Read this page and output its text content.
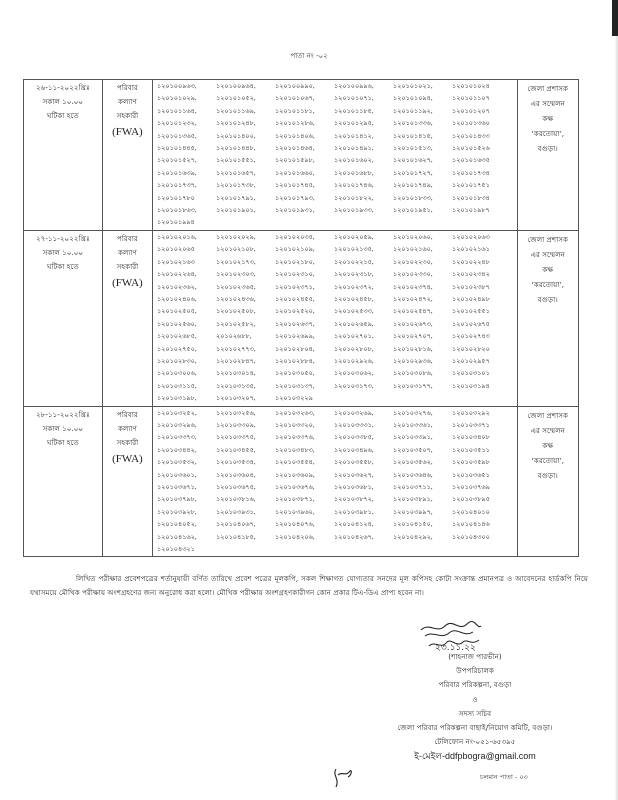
পাতা নং -০২
২৬-১১-২০২২খ্রিঃ
সকাল ১০.০০
ঘটিকা হতে

পরিবার
কল্যাণ
সহকারী
(FWA)

১২০১০০৯৬৩,	১২০১০০৯৬৪,	১২০১০০৯৯০,	১২০১০০৯৯৬,	১২০১০১০২১,	১২০১০১০২৪
১২০১০১০২৯,	১২০১০১০৫২,	১২০১০১০৬৭,	১২০১০১০৭১,	১২০১০১০৯৪,	১২০১০১১০৭
১২০১০১১৬৪,	১২০১০১১৬৯,	১২০১০১১৮১,	১২০১০১১৮৫,	১২০১০১১৯২,	১২০১০১২০৭
১২০১০১২৩২,	১২০১০১২৪৮,	১২০১০১২৮৬,	১২০১০১২৯৫,	১২০১০১৩৩৬,	১২০১০১৩৬০
১২০১০১৩৬৫,	১২০১০১৪০০,	১২০১০১৪০৬,	১২০১০১৪১২,	১২০১০১৪১৫,	১২০১০১৪৩৩
১২০১০১৪৪৫,	১২০১০১৪৪৮,	১২০১০১৪৬৪,	১২০১০১৪৯১,	১২০১০১৫১৩,	১২০১০১৫২৬
১২০১০১৫২৭,	১২০১০১৫৫১,	১২০১০১৫৯৮,	১২০১০১৬০২,	১২০১০১৬২৭,	১২০১০১৬৩৫
১২০১০১৬৩৯,	১২০১০১৬৫৭,	১২০১০১৬৬০,	১২০১০১৬৮৮,	১২০১০১৭২৭,	১২০১০১৭৩৪
১২০১০১৭৩৭,	১২০১০১৭৩৮,	১২০১০১৭৪৫,	১২০১০১৭৪৬,	১২০১০১৭৪৯,	১২০১০১৭৫১
১২০১০১৭৮০	১২০১০১৭৯১,	১২০১০১৭৯৩,	১২০১০১৮২২,	১২০১০১৮৩৩,	১২০১০১৮৩৪
১২০১০১৮৬৩,	১২০১০১৯০১,	১২০১০১৯৩১,	১২০১০১৯৩৩,	১২০১০১৯৫১,	১২০১০১৯৮৭
১২০১০১৯৯৪

জেলা প্রশাসক
এর সম্মেলন
কক্ষ
‘করতোয়া’,
বগুড়া।

২৭-১১-২০২২খ্রিঃ
সকাল ১০.০০
ঘটিকা হতে

পরিবার
কল্যাণ
সহকারী
(FWA)

১২০১০২০১৬,	১২০১০২০২৯,	১২০১০২০৩৫,	১২০১০২০৫৯,	১২০১০২০৬০,	১২০১০২০৬৩
১২০১০২০৬৫	১২০১০২১০৮,	১২০১০২১০৯,	১২০১০২১৩৫,	১২০১০২১৬০,	১২০১০২১৬১
১২০১০২১৬৩	১২০১০২১৭৩,	১২০১০২১৮০,	১২০১০২২১৫,	১২০১০২২৩০,	১২০১০২২৪৮
১২০১০২২৬৪,	১২০১০২৩০৩,	১২০১০২৩১০,	১২০১০২৩১৮,	১২০১০২৩৩০,	১২০১০২৩৪২
১২০১০২৩৬২,	১২০১০২৩৬৫,	১২০১০২৩৭১,	১২০১০২৩৭২,	১২০১০২৩৭৪,	১২০১০২৩৮৭
১২০১০২৪০৬,	১২০১০২৪৩৬,	১২০১০২৪৫৫,	১২০১০২৪৫৮,	১২০১০২৪৭২,	১২০১০২৪৯৮
১২০১০২৫০৫,	১২০১০২৫০৮,	১২০১০২৫২০,	১২০১০২৫৩৩,	১২০১০২৫৪৭,	১২০১০২৫৫১
১২০১০২৫৬০,	১২০১০২৫৮২,	১২০১০২৬৩৭,	১২০১০২৬৫৯,	১২০১০২৬৭৩,	১২০১০২৬৭৫
১২০১০২৬৮৫,	২০১০২৬৮৮,	১২০১০২৬৯৯,	১২০১০২৭০১,	১২০১০২৭০৭,	১২০১০২৭৪৩
১২০১০২৭৫০,	১২০১০২৭৭৩,	১২০১০২৮০৪,	১২০১০২৮০৮,	১২০১০২৮১৬,	১২০১০২৮২০
১২০১০২৮৩০,	১২০১০২৮৪৭,	১২০১০২৮৮৪,	১২০১০২৯২৬,	১২০১০২৯৩৬,	১২০১০২৯৫৭
১২০১০৩০০৬,	১২০১০৩০১৪,	১২০১০৩০৫০,	১২০১০৩০৬২,	১২০১০৩০৮৬,	১২০১০৩১০১
১২০১০৩১১৫,	১২০১০৩১৩৫,	১২০১০৩১৩৭,	১২০১০৩১৭৩,	১২০১০৩১৭৭,	১২০১০৩১৯৪
১২০১০৩১৯৮,	১২০১০৩২০৭,	১২০১০৩২২৯

জেলা প্রশাসক
এর সম্মেলন
কক্ষ
‘করতোয়া’,
বগুড়া।

২৮-১১-২০২২খ্রিঃ
সকাল ১০.০০
ঘটিকা হতে

পরিবার
কল্যাণ
সহকারী
(FWA)

১২০১০৩২৫২,	১২০১০৩২৫৬,	১২০১০৩২৬৩,	১২০১০৩২৬৯,	১২০১০৩২৭৬,	১২০১০৩২৯২
১২০১০৩২৯৬,	১২০১০৩৩০৯,	১২০১০৩৩২০,	১২০১০৩৩৩১,	১২০১০৩৩৬১,	১২০১০৩৩৭১
১২০১০৩৩৭৩,	১২০১০৩৩৭৫,	১২০১০৩৩৭৬,	১২০১০৩৩৮৫,	১২০১০৩৩৯১,	১২০১০৩৪০৮
১২০১০৩৪৪২,	১২০১০৩৪৫৫,	১২০১০৩৪৮৩,	১২০১০৩৪৯৬,	১২০১০৩৫০৭,	১২০১০৩৫১১
১২০১০৩৫৩২,	১২০১০৩৫৩৪,	১২০১০৩৫৫৪,	১২০১০৩৫৫৮,	১২০১০৩৫৬২,	১২০১০৩৫৯৮
১২০১০৩৬০১,	১২০১০৩৬০৪,	১২০১০৩৬০৯,	১২০১০৩৬২৭,	১২০১০৩৬৪৬,	১২০১০৩৬৫১
১২০১০৩৬৭১,	১২০১০৩৬৭৫,	১২০১০৩৬৭৬,	১২০১০৩৬৮১,	১২০১০৩৭১১,	১২০১০৩৭৬৯
১২০১০৩৭৯৮,	১২০১০৩৮১৬,	১২০১০৩৮৭১,	১২০১০৩৮৭২,	১২০১০৩৮৯১,	১২০১০৩৮৯৫
১২০১০৩৯২৮,	১২০১০৩৯৩১,	১২০১০৩৯৬০,	১২০১০৩৯৮১,	১২০১০৩৯৯৭,	১২০১০৪০১০
১২০১০৪০৫২,	১২০১০৪০৬৭,	১২০১০৪০৭৬,	১২০১০৪১২৪,	১২০১০৪১৫০,	১২০১০৪১৪৬
১২০১০৪১৬২,	১২০১০৪১৮৫,	১২০১০৪২০৬,	১২০১০৪২৬৭,	১২০১০৪২৯২,	১২০১০৪৩০০
১২০১০৪৩২১

জেলা প্রশাসক
এর সম্মেলন
কক্ষ
‘করতোয়া’,
বগুড়া।
লিখিত পরীক্ষার প্রবেশপত্রের শর্তানুযায়ী বর্ণিত তারিখে প্রবেশ পত্রের মূলকপি, সকল শিক্ষাগত যোগ্যতার সনদের মূল কপিসহ কোটা সংক্রান্ত প্রমানপত্র ও আবেদনের হার্ডকপি নিয়ে যথাসময়ে মৌখিক পরীক্ষায় অংশগ্রহণের জন্য অনুরোধ করা হলো। মৌখিক পরীক্ষায় অংশগ্রহণকারীগন কোন প্রকার টিএ-ডিএ প্রাপ্য হবেন না।
২৩.১১.২২
(শাহনাজ পারভীন)
উপপরিচালক
পরিবার পরিকল্পনা, বগুড়া
ও
সদস্য সচিব
জেলা পরিবার পরিকল্পনা বাছাই/নিয়োগ কমিটি, বগুড়া।
টেলিফোন নং-০৫১-৬৫৩৯৫
ই-মেইল-ddfpbogra@gmail.com
চলমান পাতা - ০৩
